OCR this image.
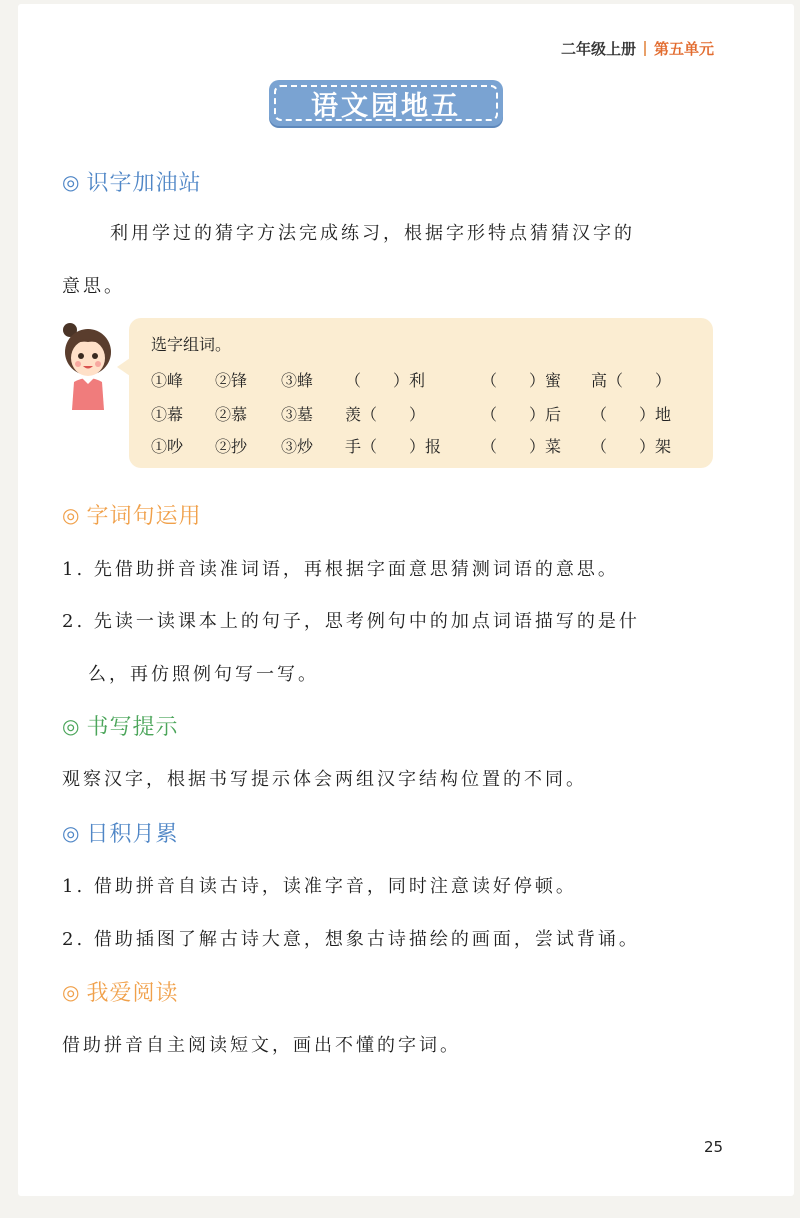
二年级上册 第五单元
语文园地五
◎ 识字加油站
利用学过的猜字方法完成练习，根据字形特点猜猜汉字的
意思。
选字组词。
①峰 ②锋 ③蜂 （　　）利	（　　）蜜 高（　　）
①幕 ②慕 ③墓 羡（　　）	（　　）后 （　　）地
①吵 ②抄 ③炒 手（　　）报 （　　）菜 （　　）架
◎ 字词句运用
1. 先借助拼音读准词语，再根据字面意思猜测词语的意思。
2. 先读一读课本上的句子，思考例句中的加点词语描写的是什
么，再仿照例句写一写。
◎ 书写提示
观察汉字，根据书写提示体会两组汉字结构位置的不同。
◎ 日积月累
1. 借助拼音自读古诗，读准字音，同时注意读好停顿。
2. 借助插图了解古诗大意，想象古诗描绘的画面，尝试背诵。
◎ 我爱阅读
借助拼音自主阅读短文，画出不懂的字词。
25
